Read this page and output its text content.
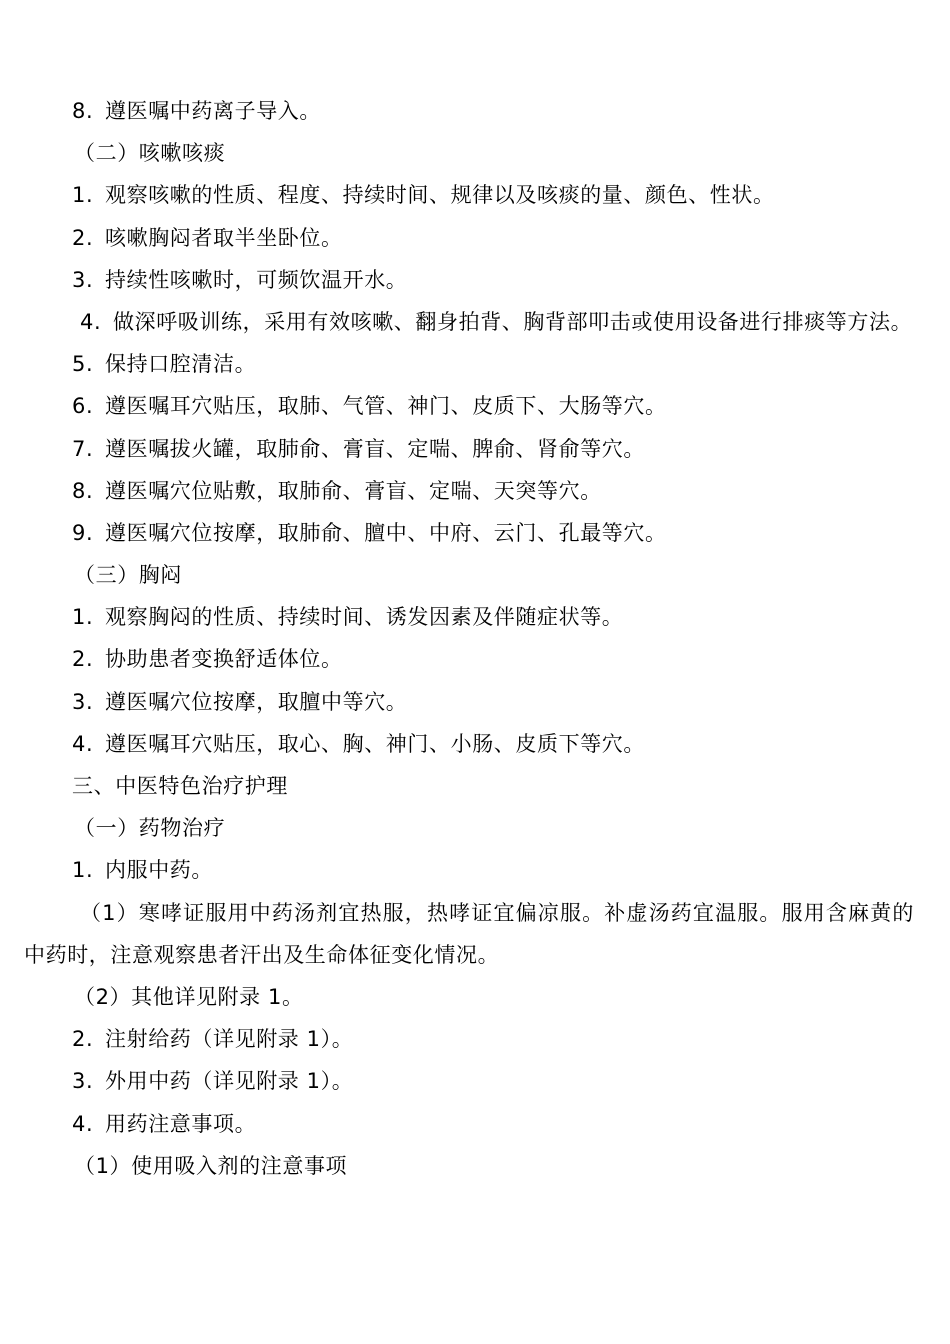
8. 遵医嘱中药离子导入。
（二）咳嗽咳痰
1. 观察咳嗽的性质、程度、持续时间、规律以及咳痰的量、颜色、性状。
2. 咳嗽胸闷者取半坐卧位。
3. 持续性咳嗽时，可频饮温开水。
4. 做深呼吸训练，采用有效咳嗽、翻身拍背、胸背部叩击或使用设备进行排痰等方法。
5. 保持口腔清洁。
6. 遵医嘱耳穴贴压，取肺、气管、神门、皮质下、大肠等穴。
7. 遵医嘱拔火罐，取肺俞、膏盲、定喘、脾俞、肾俞等穴。
8. 遵医嘱穴位贴敷，取肺俞、膏盲、定喘、天突等穴。
9. 遵医嘱穴位按摩，取肺俞、膻中、中府、云门、孔最等穴。
（三）胸闷
1. 观察胸闷的性质、持续时间、诱发因素及伴随症状等。
2. 协助患者变换舒适体位。
3. 遵医嘱穴位按摩，取膻中等穴。
4. 遵医嘱耳穴贴压，取心、胸、神门、小肠、皮质下等穴。
三、中医特色治疗护理
（一）药物治疗
1. 内服中药。
（1）寒哮证服用中药汤剂宜热服，热哮证宜偏凉服。补虚汤药宜温服。服用含麻黄的中药时，注意观察患者汗出及生命体征变化情况。
（2）其他详见附录 1。
2. 注射给药（详见附录 1）。
3. 外用中药（详见附录 1）。
4. 用药注意事项。
（1）使用吸入剂的注意事项
